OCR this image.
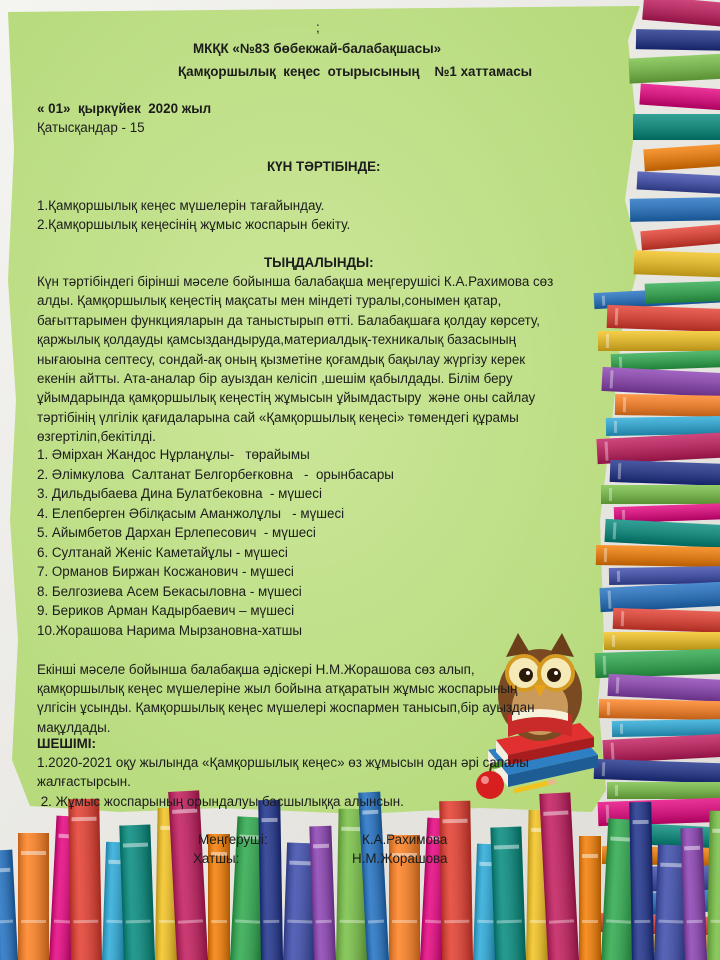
;
МКҚК «№83 бөбекжай-балабақшасы»
Қамқоршылық  кеңес  отырысының    №1 хаттамасы
« 01»  қыркүйек  2020 жыл
Қатысқандар - 15
КҮН ТӘРТІБІНДЕ:
1.Қамқоршылық кеңес мүшелерін тағайындау.
2.Қамқоршылық кеңесінің жұмыс жоспарын бекіту.
ТЫҢДАЛЫНДЫ:
Күн тәртібіндегі бірінші мәселе бойынша балабақша меңгерушісі К.А.Рахимова сөз
алды. Қамқоршылық кеңестің мақсаты мен міндеті туралы,сонымен қатар,
бағыттарымен функцияларын да таныстырып өтті. Балабақшаға қолдау көрсету,
қаржылық қолдауды қамсыздандыруда,материалдық-техникалық базасының
нығаюына септесу, сондай-ақ оның қызметіне қоғамдық бақылау жүргізу керек
екенін айтты. Ата-аналар бір ауыздан келісіп ,шешім қабылдады. Білім беру
ұйымдарында қамқоршылық кеңестің жұмысын ұйымдастыру  және оны сайлау
тәртібінің үлгілік қағидаларына сай «Қамқоршылық кеңесі» төмендегі құрамы
өзгертіліп,бекітілді.
1. Әмірхан Жандос Нұрланұлы-   төрайымы
2. Әлімкулова  Салтанат Белгорбеғковна   -  орынбасары
3. Дильдыбаева Дина Булатбековна  - мүшесі
4. Елепберген Әбілқасым Аманжолұлы   - мүшесі
5. Айымбетов Дархан Ерлепесович  - мүшесі
6. Султанай Женіс Каметайұлы - мүшесі
7. Орманов Биржан Косжанович - мүшесі
8. Белгозиева Асем Бекасыловна - мүшесі
9. Бериков Арман Кадырбаевич – мүшесі
10.Жорашова Нарима Мырзановна-хатшы
Екінші мәселе бойынша балабақша әдіскері Н.М.Жорашова сөз алып,
қамқоршылық кеңес мүшелеріне жыл бойына атқаратын жұмыс жоспарының
үлгісін ұсынды. Қамқоршылық кеңес мүшелері жоспармен танысып,бір ауыздан
мақұлдады.
ШЕШІМІ:
1.2020-2021 оқу жылында «Қамқоршылық кеңес» өз жұмысын одан әрі сапалы
жалғастырсын.
2. Жұмыс жоспарының орындалуы басшылыққа алынсын.
Меңгеруші:	К.А.Рахимова
Хатшы:	Н.М.Жорашова
